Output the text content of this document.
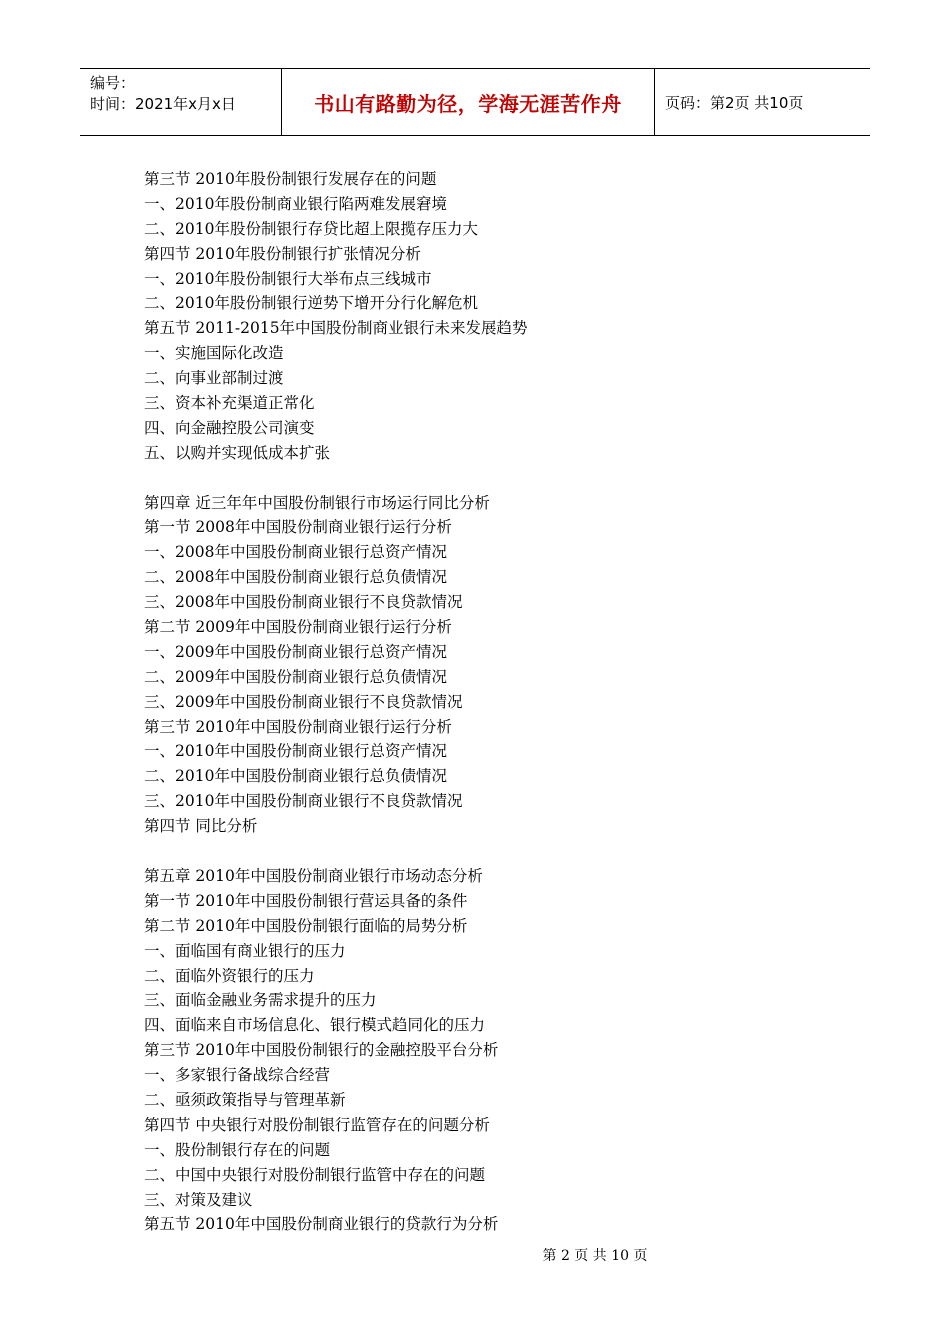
编号：
时间：2021年x月x日	书山有路勤为径，学海无涯苦作舟	页码：第2页 共10页
第三节 2010年股份制银行发展存在的问题
一、2010年股份制商业银行陷两难发展窘境
二、2010年股份制银行存贷比超上限揽存压力大
第四节 2010年股份制银行扩张情况分析
一、2010年股份制银行大举布点三线城市
二、2010年股份制银行逆势下增开分行化解危机
第五节 2011-2015年中国股份制商业银行未来发展趋势
一、实施国际化改造
二、向事业部制过渡
三、资本补充渠道正常化
四、向金融控股公司演变
五、以购并实现低成本扩张
第四章 近三年年中国股份制银行市场运行同比分析
第一节 2008年中国股份制商业银行运行分析
一、2008年中国股份制商业银行总资产情况
二、2008年中国股份制商业银行总负债情况
三、2008年中国股份制商业银行不良贷款情况
第二节 2009年中国股份制商业银行运行分析
一、2009年中国股份制商业银行总资产情况
二、2009年中国股份制商业银行总负债情况
三、2009年中国股份制商业银行不良贷款情况
第三节 2010年中国股份制商业银行运行分析
一、2010年中国股份制商业银行总资产情况
二、2010年中国股份制商业银行总负债情况
三、2010年中国股份制商业银行不良贷款情况
第四节 同比分析
第五章 2010年中国股份制商业银行市场动态分析
第一节 2010年中国股份制银行营运具备的条件
第二节 2010年中国股份制银行面临的局势分析
一、面临国有商业银行的压力
二、面临外资银行的压力
三、面临金融业务需求提升的压力
四、面临来自市场信息化、银行模式趋同化的压力
第三节 2010年中国股份制银行的金融控股平台分析
一、多家银行备战综合经营
二、亟须政策指导与管理革新
第四节 中央银行对股份制银行监管存在的问题分析
一、股份制银行存在的问题
二、中国中央银行对股份制银行监管中存在的问题
三、对策及建议
第五节 2010年中国股份制商业银行的贷款行为分析
第 2 页 共 10 页
